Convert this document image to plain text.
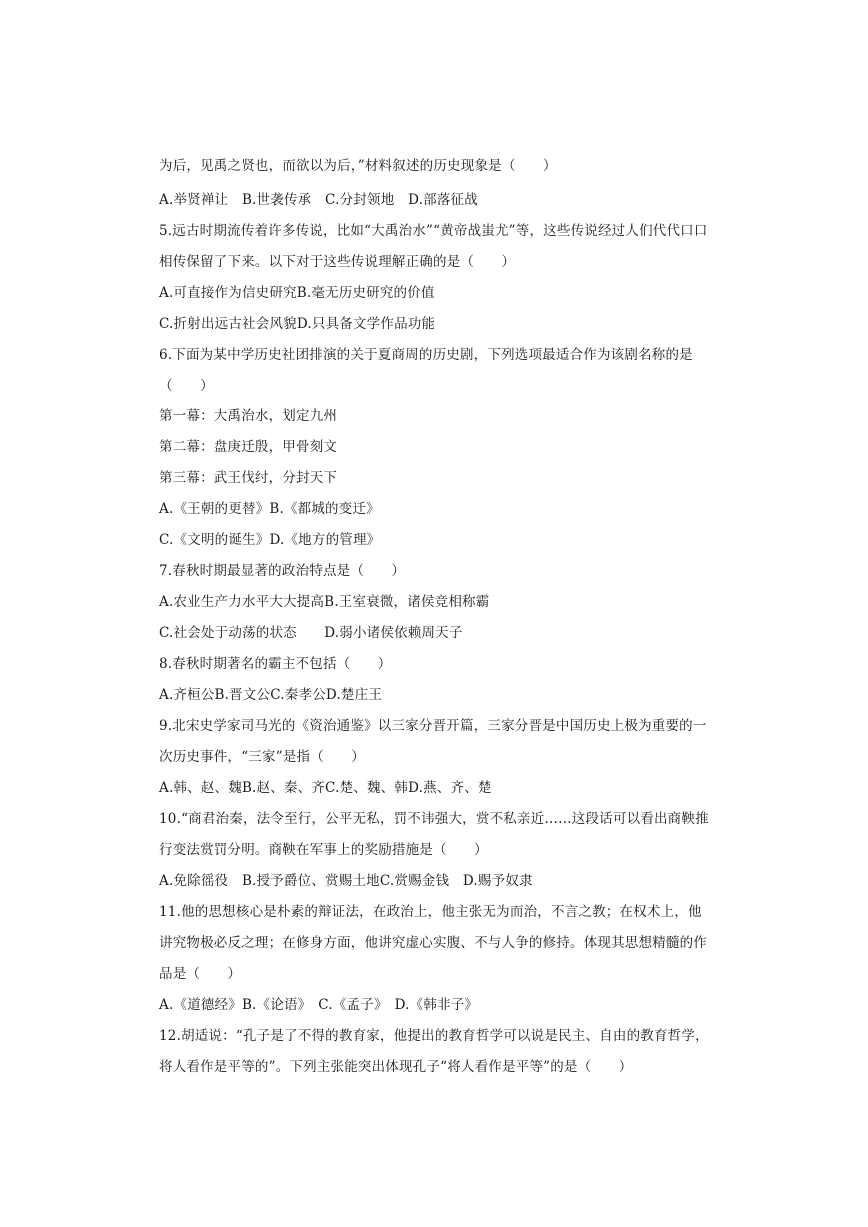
为后，见禹之贤也，而欲以为后，”材料叙述的历史现象是（　　）
A.举贤禅让　B.世袭传承　C.分封领地　D.部落征战
5.远古时期流传着许多传说，比如“大禹治水”“黄帝战蚩尤”等，这些传说经过人们代代口口
相传保留了下来。以下对于这些传说理解正确的是（　　）
A.可直接作为信史研究B.毫无历史研究的价值
C.折射出远古社会风貌D.只具备文学作品功能
6.下面为某中学历史社团排演的关于夏商周的历史剧，下列选项最适合作为该剧名称的是
（　　）
第一幕：大禹治水，划定九州
第二幕：盘庚迁殷，甲骨刻文
第三幕：武王伐纣，分封天下
A.《王朝的更替》B.《都城的变迁》
C.《文明的诞生》D.《地方的管理》
7.春秋时期最显著的政治特点是（　　）
A.农业生产力水平大大提高B.王室衰微，诸侯竞相称霸
C.社会处于动荡的状态　　D.弱小诸侯依赖周天子
8.春秋时期著名的霸主不包括（　　）
A.齐桓公B.晋文公C.秦孝公D.楚庄王
9.北宋史学家司马光的《资治通鉴》以三家分晋开篇，三家分晋是中国历史上极为重要的一
次历史事件，“三家”是指（　　）
A.韩、赵、魏B.赵、秦、齐C.楚、魏、韩D.燕、齐、楚
10.“商君治秦，法令至行，公平无私，罚不讳强大，赏不私亲近……这段话可以看出商鞅推
行变法赏罚分明。商鞅在军事上的奖励措施是（　　）
A.免除徭役　B.授予爵位、赏赐土地C.赏赐金钱　D.赐予奴隶
11.他的思想核心是朴素的辩证法，在政治上，他主张无为而治，不言之教；在权术上，他
讲究物极必反之理；在修身方面，他讲究虚心实腹、不与人争的修持。体现其思想精髓的作
品是（　　）
A.《道德经》B.《论语》　C.《孟子》　D.《韩非子》
12.胡适说：“孔子是了不得的教育家，他提出的教育哲学可以说是民主、自由的教育哲学，
将人看作是平等的”。下列主张能突出体现孔子“将人看作是平等”的是（　　）
